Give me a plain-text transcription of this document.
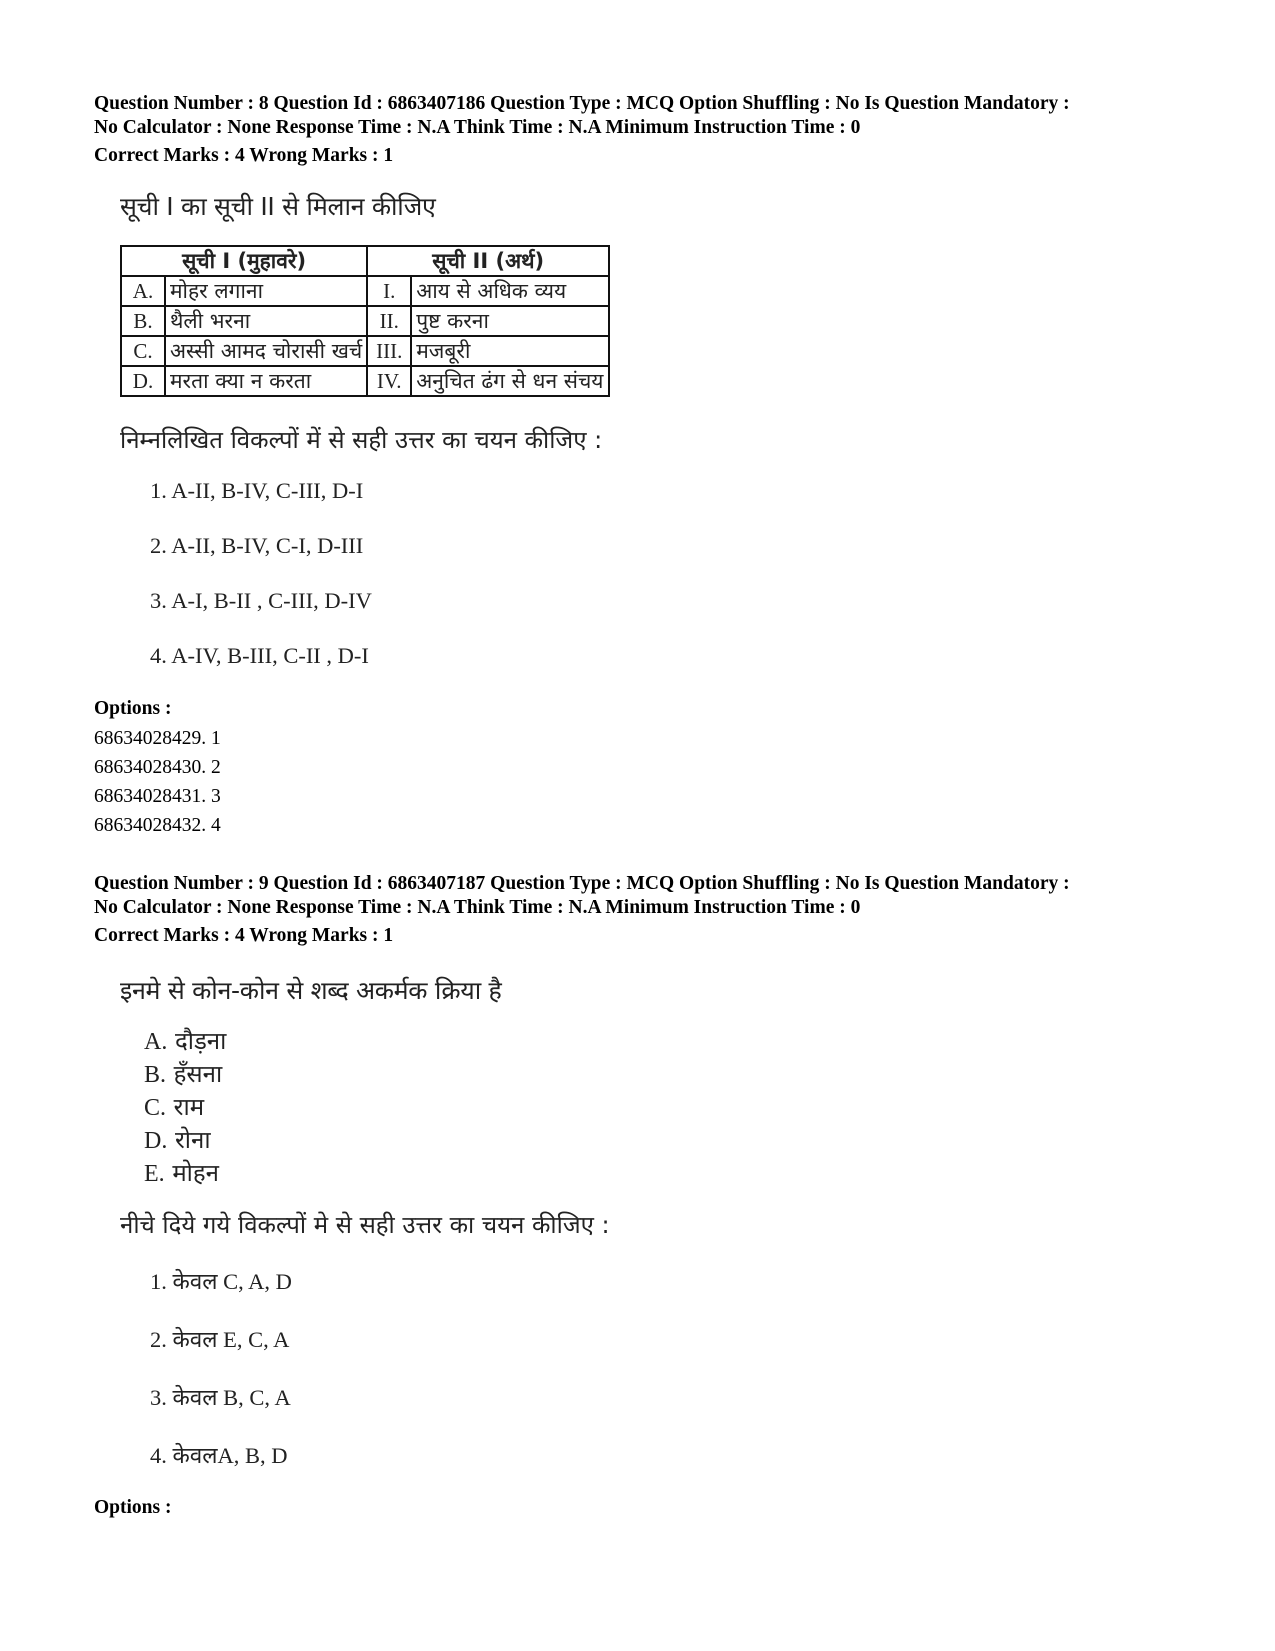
Question Number : 8 Question Id : 6863407186 Question Type : MCQ Option Shuffling : No Is Question Mandatory :

No Calculator : None Response Time : N.A Think Time : N.A Minimum Instruction Time : 0

Correct Marks : 4 Wrong Marks : 1
सूची I का सूची II से मिलान कीजिए
सूची I (मुहावरे)		सूची II (अर्थ)	
A.	मोहर लगाना	I.	आय से अधिक व्यय
B.	थैली भरना	II.	पुष्ट करना
C.	अस्सी आमद चोरासी खर्च	III.	मजबूरी
D.	मरता क्या न करता	IV.	अनुचित ढंग से धन संचय
निम्नलिखित विकल्पों में से सही उत्तर का चयन कीजिए :
1. A-II, B-IV, C-III, D-I
2. A-II, B-IV, C-I, D-III
3. A-I, B-II , C-III, D-IV
4. A-IV, B-III, C-II , D-I
Options :
68634028429. 1
68634028430. 2
68634028431. 3
68634028432. 4

Question Number : 9 Question Id : 6863407187 Question Type : MCQ Option Shuffling : No Is Question Mandatory :

No Calculator : None Response Time : N.A Think Time : N.A Minimum Instruction Time : 0

Correct Marks : 4 Wrong Marks : 1
इनमे से कोन-कोन से शब्द अकर्मक क्रिया है
A. दौड़ना
B. हँसना
C. राम
D. रोना
E. मोहन
नीचे दिये गये विकल्पों मे से सही उत्तर का चयन कीजिए :
1. केवल C, A, D
2. केवल E, C, A
3. केवल B, C, A
4. केवलA, B, D
Options :
